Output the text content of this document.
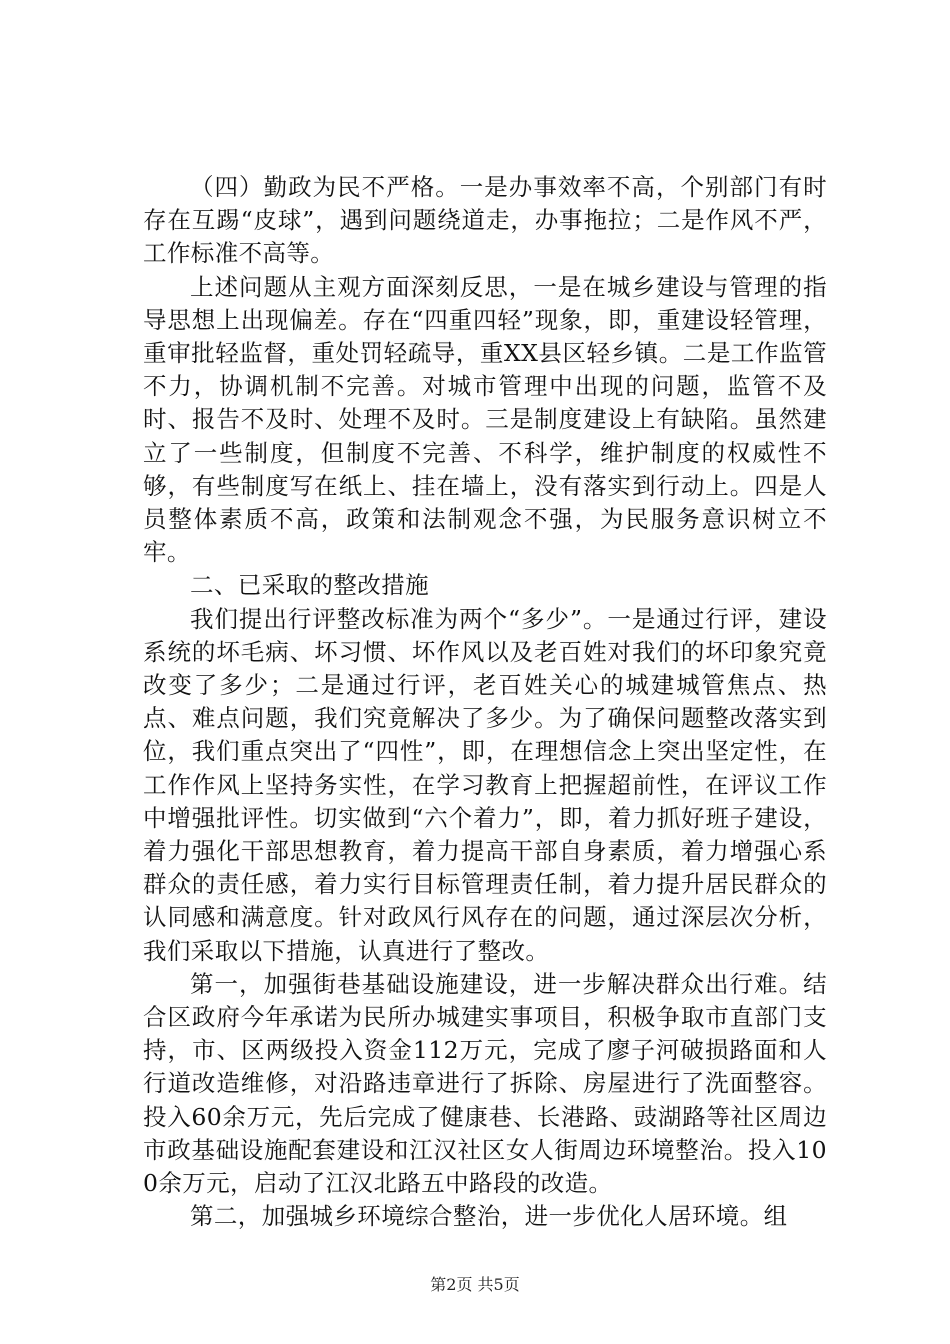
（四）勤政为民不严格。一是办事效率不高，个别部门有时存在互踢“皮球”，遇到问题绕道走，办事拖拉；二是作风不严，工作标准不高等。

上述问题从主观方面深刻反思，一是在城乡建设与管理的指导思想上出现偏差。存在“四重四轻”现象，即，重建设轻管理，重审批轻监督，重处罚轻疏导，重XX县区轻乡镇。二是工作监管不力，协调机制不完善。对城市管理中出现的问题，监管不及时、报告不及时、处理不及时。三是制度建设上有缺陷。虽然建立了一些制度，但制度不完善、不科学，维护制度的权威性不够，有些制度写在纸上、挂在墙上，没有落实到行动上。四是人员整体素质不高，政策和法制观念不强，为民服务意识树立不牢。

二、已采取的整改措施

我们提出行评整改标准为两个“多少”。一是通过行评，建设系统的坏毛病、坏习惯、坏作风以及老百姓对我们的坏印象究竟改变了多少；二是通过行评，老百姓关心的城建城管焦点、热点、难点问题，我们究竟解决了多少。为了确保问题整改落实到位，我们重点突出了“四性”，即，在理想信念上突出坚定性，在工作作风上坚持务实性，在学习教育上把握超前性，在评议工作中增强批评性。切实做到“六个着力”，即，着力抓好班子建设，着力强化干部思想教育，着力提高干部自身素质，着力增强心系群众的责任感，着力实行目标管理责任制，着力提升居民群众的认同感和满意度。针对政风行风存在的问题，通过深层次分析，我们采取以下措施，认真进行了整改。

第一，加强街巷基础设施建设，进一步解决群众出行难。结合区政府今年承诺为民所办城建实事项目，积极争取市直部门支持，市、区两级投入资金112万元，完成了廖子河破损路面和人行道改造维修，对沿路违章进行了拆除、房屋进行了洗面整容。投入60余万元，先后完成了健康巷、长港路、豉湖路等社区周边市政基础设施配套建设和江汉社区女人街周边环境整治。投入100余万元，启动了江汉北路五中路段的改造。

第二，加强城乡环境综合整治，进一步优化人居环境。组

第2页 共5页
